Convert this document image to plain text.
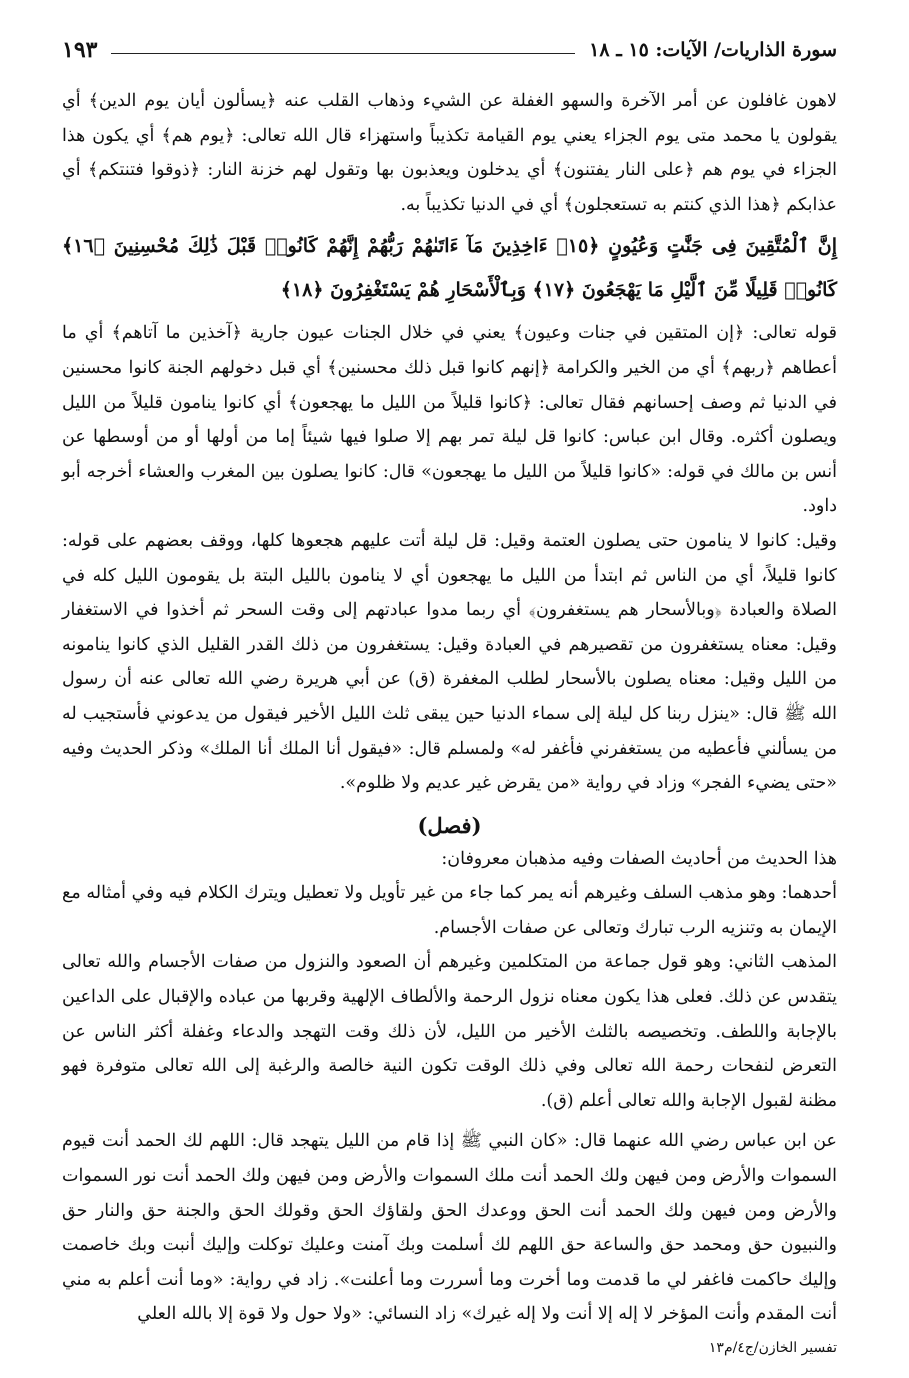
سورة الذاريات/ الآيات: ١٥ ـ ١٨
١٩٣

لاهون غافلون عن أمر الآخرة والسهو الغفلة عن الشيء وذهاب القلب عنه ﴿يسألون أيان يوم الدين﴾ أي يقولون يا محمد متى يوم الجزاء يعني يوم القيامة تكذيباً واستهزاء قال الله تعالى: ﴿يوم هم﴾ أي يكون هذا الجزاء في يوم هم ﴿على النار يفتنون﴾ أي يدخلون ويعذبون بها وتقول لهم خزنة النار: ﴿ذوقوا فتنتكم﴾ أي عذابكم ﴿هذا الذي كنتم به تستعجلون﴾ أي في الدنيا تكذيباً به.

إِنَّ ٱلْمُتَّقِينَ فِى جَنَّٰتٍ وَعُيُونٍ ﴿١٥﴾ ءَاخِذِينَ مَآ ءَاتَىٰهُمْ رَبُّهُمْ إِنَّهُمْ كَانُوا۟ قَبْلَ ذَٰلِكَ مُحْسِنِينَ ﴿١٦﴾ كَانُوا۟ قَلِيلًا مِّنَ ٱلَّيْلِ مَا يَهْجَعُونَ ﴿١٧﴾ وَبِٱلْأَسْحَارِ هُمْ يَسْتَغْفِرُونَ ﴿١٨﴾

قوله تعالى: ﴿إن المتقين في جنات وعيون﴾ يعني في خلال الجنات عيون جارية ﴿آخذين ما آتاهم﴾ أي ما أعطاهم ﴿ربهم﴾ أي من الخير والكرامة ﴿إنهم كانوا قبل ذلك محسنين﴾ أي قبل دخولهم الجنة كانوا محسنين في الدنيا ثم وصف إحسانهم فقال تعالى: ﴿كانوا قليلاً من الليل ما يهجعون﴾ أي كانوا ينامون قليلاً من الليل ويصلون أكثره. وقال ابن عباس: كانوا قل ليلة تمر بهم إلا صلوا فيها شيئاً إما من أولها أو من أوسطها عن أنس بن مالك في قوله: «كانوا قليلاً من الليل ما يهجعون» قال: كانوا يصلون بين المغرب والعشاء أخرجه أبو داود.

وقيل: كانوا لا ينامون حتى يصلون العتمة وقيل: قل ليلة أتت عليهم هجعوها كلها، ووقف بعضهم على قوله: كانوا قليلاً، أي من الناس ثم ابتدأ من الليل ما يهجعون أي لا ينامون بالليل البتة بل يقومون الليل كله في الصلاة والعبادة ﴿وبالأسحار هم يستغفرون﴾ أي ربما مدوا عبادتهم إلى وقت السحر ثم أخذوا في الاستغفار وقيل: معناه يستغفرون من تقصيرهم في العبادة وقيل: يستغفرون من ذلك القدر القليل الذي كانوا ينامونه من الليل وقيل: معناه يصلون بالأسحار لطلب المغفرة (ق) عن أبي هريرة رضي الله تعالى عنه أن رسول الله ﷺ قال: «ينزل ربنا كل ليلة إلى سماء الدنيا حين يبقى ثلث الليل الأخير فيقول من يدعوني فأستجيب له من يسألني فأعطيه من يستغفرني فأغفر له» ولمسلم قال: «فيقول أنا الملك أنا الملك» وذكر الحديث وفيه «حتى يضيء الفجر» وزاد في رواية «من يقرض غير عديم ولا ظلوم».

(فصل)

هذا الحديث من أحاديث الصفات وفيه مذهبان معروفان:

أحدهما: وهو مذهب السلف وغيرهم أنه يمر كما جاء من غير تأويل ولا تعطيل ويترك الكلام فيه وفي أمثاله مع الإيمان به وتنزيه الرب تبارك وتعالى عن صفات الأجسام.

المذهب الثاني: وهو قول جماعة من المتكلمين وغيرهم أن الصعود والنزول من صفات الأجسام والله تعالى يتقدس عن ذلك. فعلى هذا يكون معناه نزول الرحمة والألطاف الإلهية وقربها من عباده والإقبال على الداعين بالإجابة واللطف. وتخصيصه بالثلث الأخير من الليل، لأن ذلك وقت التهجد والدعاء وغفلة أكثر الناس عن التعرض لنفحات رحمة الله تعالى وفي ذلك الوقت تكون النية خالصة والرغبة إلى الله تعالى متوفرة فهو مظنة لقبول الإجابة والله تعالى أعلم (ق).

عن ابن عباس رضي الله عنهما قال: «كان النبي ﷺ إذا قام من الليل يتهجد قال: اللهم لك الحمد أنت قيوم السموات والأرض ومن فيهن ولك الحمد أنت ملك السموات والأرض ومن فيهن ولك الحمد أنت نور السموات والأرض ومن فيهن ولك الحمد أنت الحق ووعدك الحق ولقاؤك الحق وقولك الحق والجنة حق والنار حق والنبيون حق ومحمد حق والساعة حق اللهم لك أسلمت وبك آمنت وعليك توكلت وإليك أنبت وبك خاصمت وإليك حاكمت فاغفر لي ما قدمت وما أخرت وما أسررت وما أعلنت». زاد في رواية: «وما أنت أعلم به مني أنت المقدم وأنت المؤخر لا إله إلا أنت ولا إله غيرك» زاد النسائي: «ولا حول ولا قوة إلا بالله العلي

تفسير الخازن/ج٤/م١٣
